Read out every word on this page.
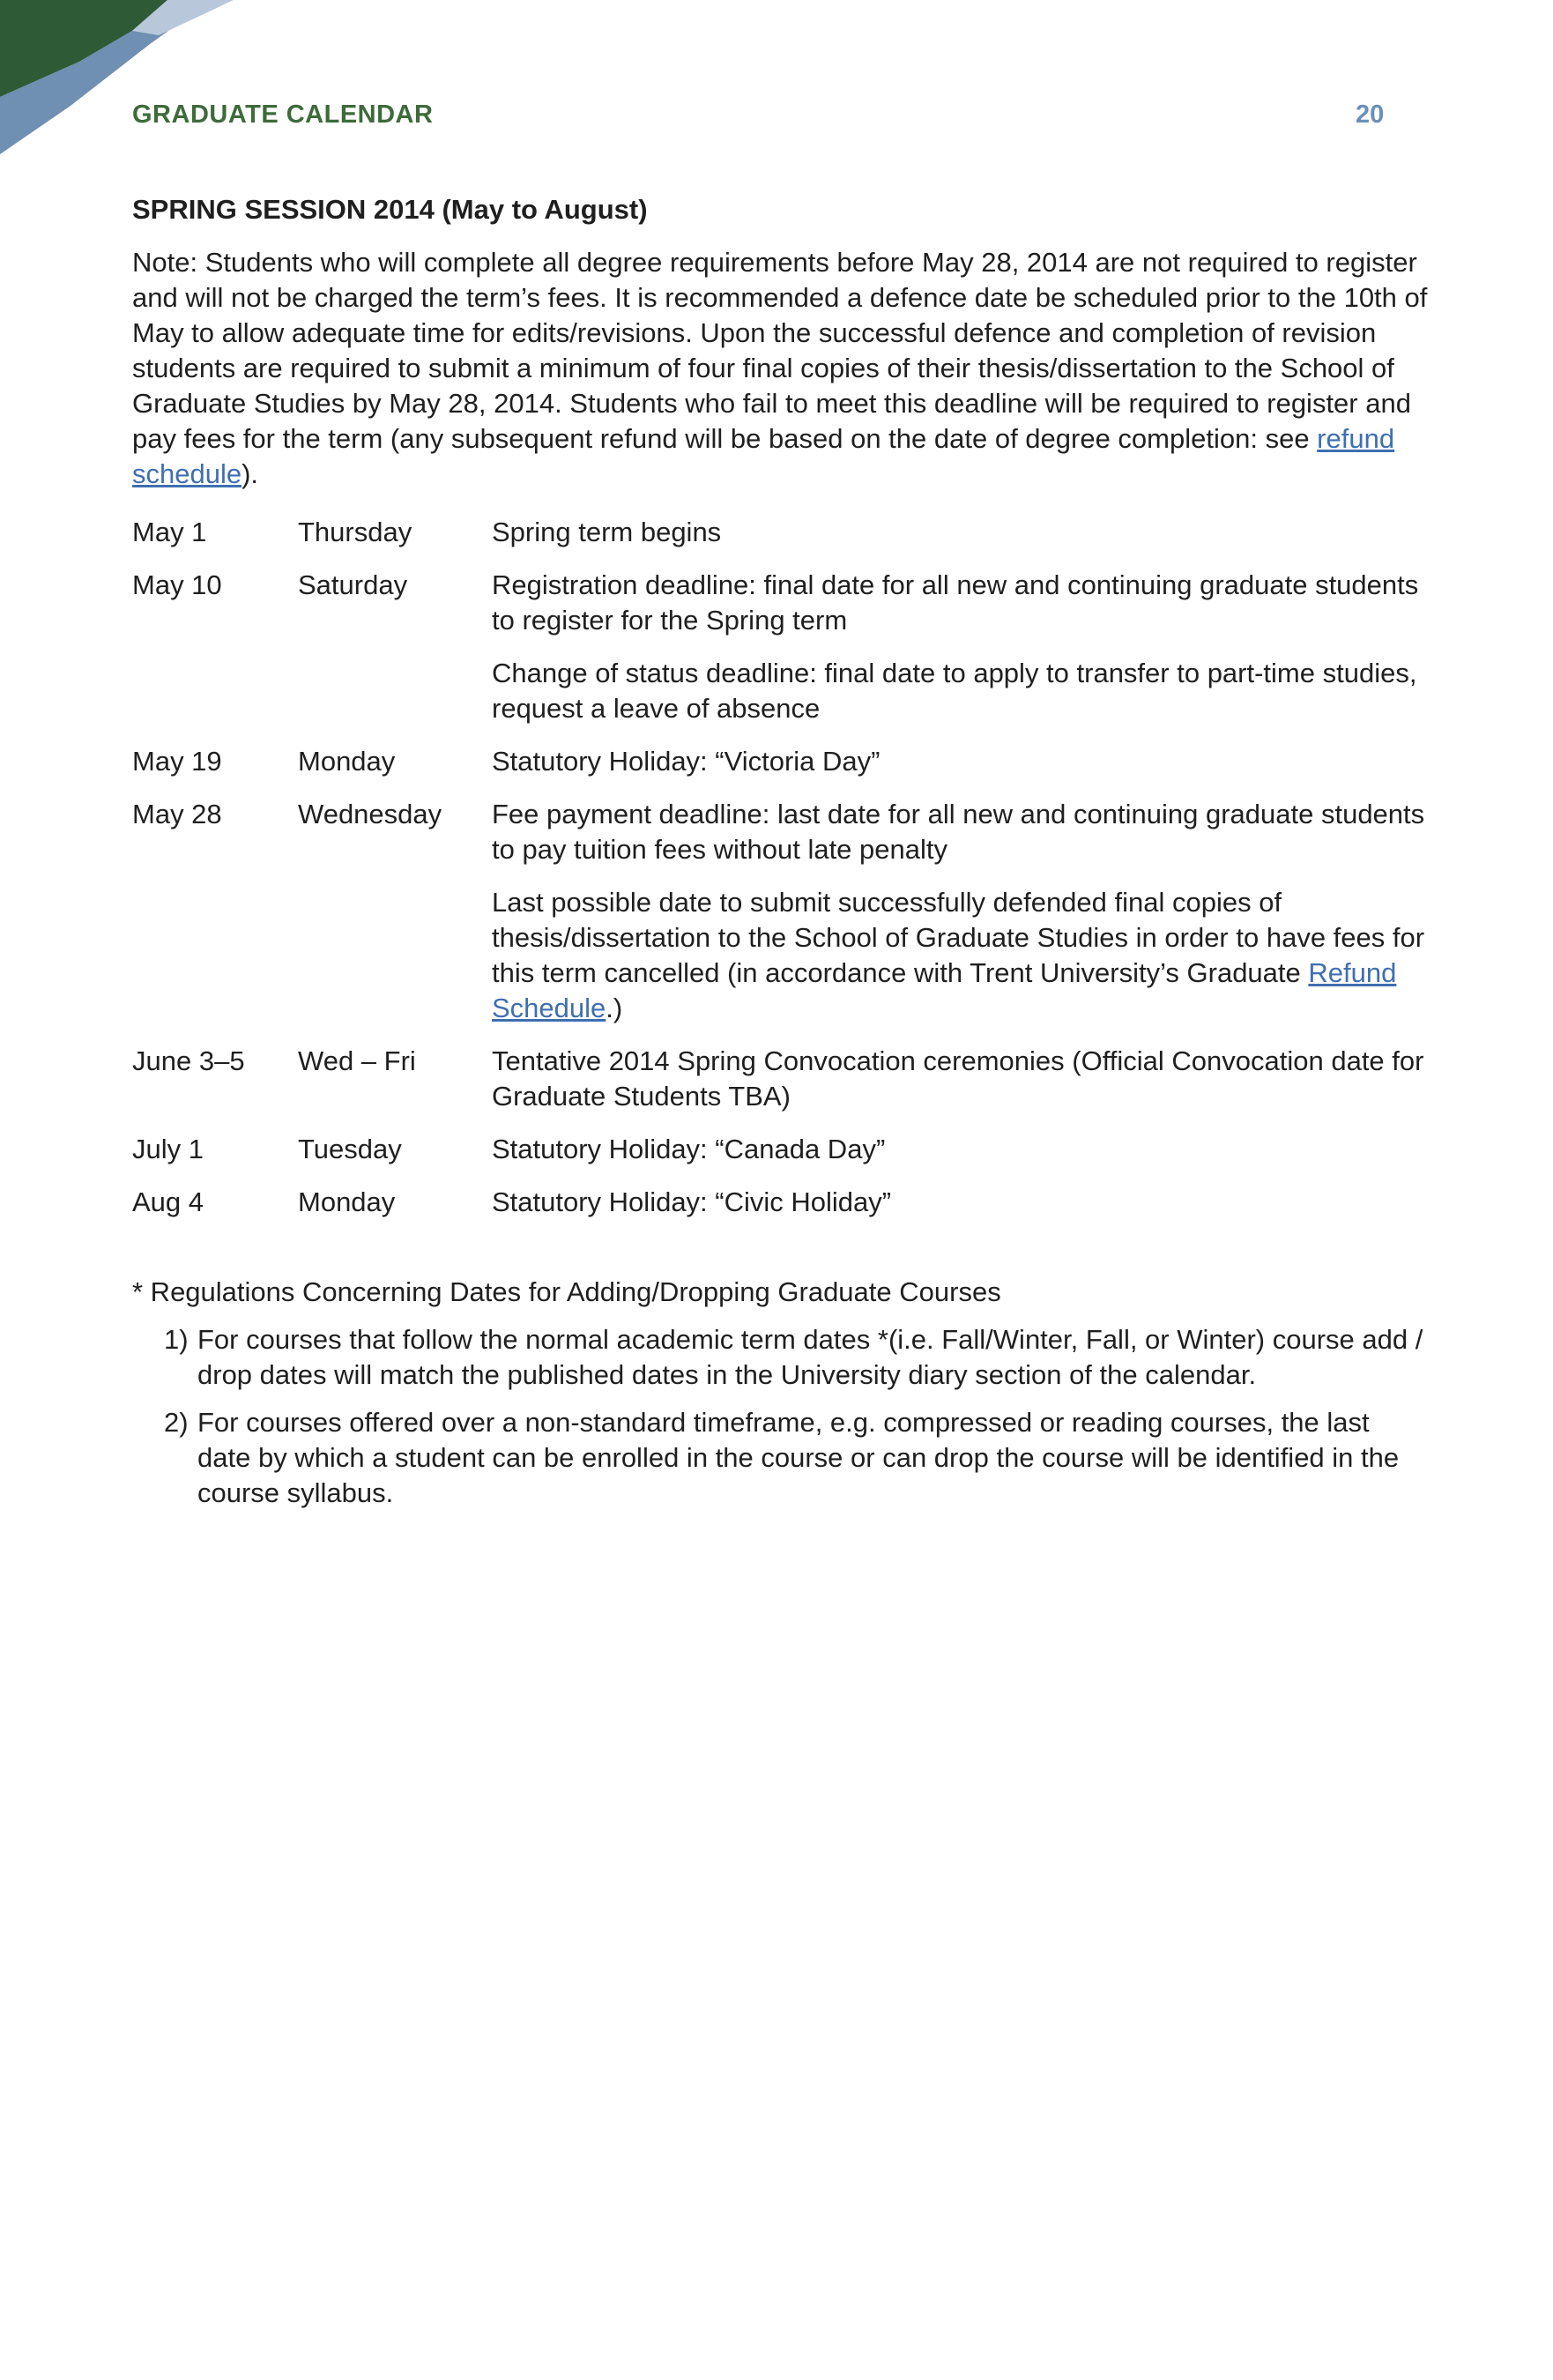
GRADUATE CALENDAR	20
SPRING SESSION 2014 (May to August)

Note: Students who will complete all degree requirements before May 28, 2014 are not required to register and will not be charged the term’s fees. It is recommended a defence date be scheduled prior to the 10th of May to allow adequate time for edits/revisions. Upon the successful defence and completion of revision students are required to submit a minimum of four final copies of their thesis/dissertation to the School of Graduate Studies by May 28, 2014. Students who fail to meet this deadline will be required to register and pay fees for the term (any subsequent refund will be based on the date of degree completion: see refund schedule).

May 1	Thursday	Spring term begins

May 10	Saturday	Registration deadline: final date for all new and continuing graduate students to register for the Spring term

Change of status deadline: final date to apply to transfer to part-time studies, request a leave of absence

May 19	Monday	Statutory Holiday: “Victoria Day”

May 28	Wednesday	Fee payment deadline: last date for all new and continuing graduate students to pay tuition fees without late penalty

Last possible date to submit successfully defended final copies of thesis/dissertation to the School of Graduate Studies in order to have fees for this term cancelled (in accordance with Trent University’s Graduate Refund Schedule.)

June 3–5	Wed – Fri	Tentative 2014 Spring Convocation ceremonies (Official Convocation date for Graduate Students TBA)

July 1	Tuesday	Statutory Holiday: “Canada Day”

Aug 4	Monday	Statutory Holiday: “Civic Holiday”

* Regulations Concerning Dates for Adding/Dropping Graduate Courses

1) For courses that follow the normal academic term dates *(i.e. Fall/Winter, Fall, or Winter) course add / drop dates will match the published dates in the University diary section of the calendar.
2) For courses offered over a non-standard timeframe, e.g. compressed or reading courses, the last date by which a student can be enrolled in the course or can drop the course will be identified in the course syllabus.
